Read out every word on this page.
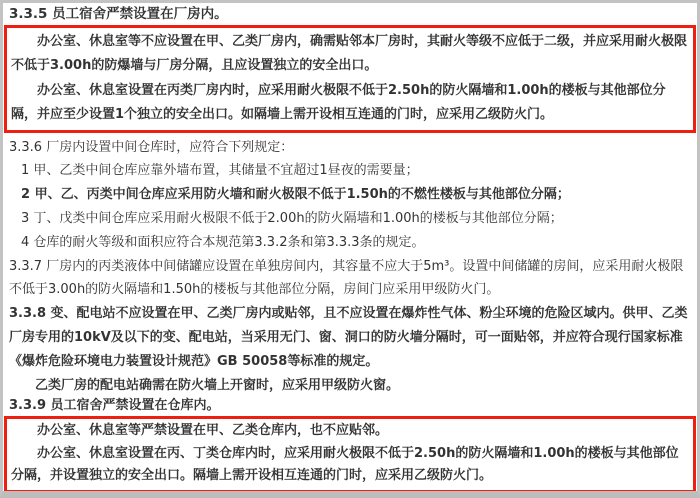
3.3.5 员工宿舍严禁设置在厂房内。

办公室、休息室等不应设置在甲、乙类厂房内，确需贴邻本厂房时，其耐火等级不应低于二级，并应采用耐火极限不低于3.00h的防爆墙与厂房分隔，且应设置独立的安全出口。

办公室、休息室设置在丙类厂房内时，应采用耐火极限不低于2.50h的防火隔墙和1.00h的楼板与其他部位分隔，并应至少设置1个独立的安全出口。如隔墙上需开设相互连通的门时，应采用乙级防火门。

3.3.6 厂房内设置中间仓库时，应符合下列规定：

1 甲、乙类中间仓库应靠外墙布置，其储量不宜超过1昼夜的需要量；

2 甲、乙、丙类中间仓库应采用防火墙和耐火极限不低于1.50h的不燃性楼板与其他部位分隔；

3 丁、戊类中间仓库应采用耐火极限不低于2.00h的防火隔墙和1.00h的楼板与其他部位分隔；

4 仓库的耐火等级和面积应符合本规范第3.3.2条和第3.3.3条的规定。

3.3.7 厂房内的丙类液体中间储罐应设置在单独房间内，其容量不应大于5m³。设置中间储罐的房间，应采用耐火极限不低于3.00h的防火隔墙和1.50h的楼板与其他部位分隔，房间门应采用甲级防火门。

3.3.8 变、配电站不应设置在甲、乙类厂房内或贴邻，且不应设置在爆炸性气体、粉尘环境的危险区域内。供甲、乙类厂房专用的10kV及以下的变、配电站，当采用无门、窗、洞口的防火墙分隔时，可一面贴邻，并应符合现行国家标准《爆炸危险环境电力装置设计规范》GB 50058等标准的规定。

乙类厂房的配电站确需在防火墙上开窗时，应采用甲级防火窗。

3.3.9 员工宿舍严禁设置在仓库内。

办公室、休息室等严禁设置在甲、乙类仓库内，也不应贴邻。

办公室、休息室设置在丙、丁类仓库内时，应采用耐火极限不低于2.50h的防火隔墙和1.00h的楼板与其他部位分隔，并设置独立的安全出口。隔墙上需开设相互连通的门时，应采用乙级防火门。
